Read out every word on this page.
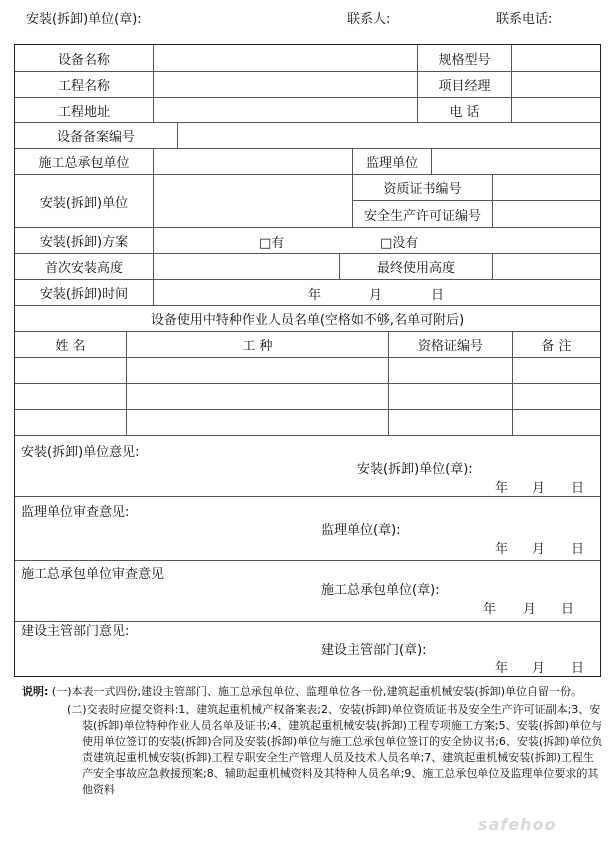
安装(拆卸)单位(章):	联系人:	联系电话:
设备名称	规格型号
工程名称	项目经理
工程地址	电 话
设备备案编号
施工总承包单位	监理单位
安装(拆卸)单位
资质证书编号
安全生产许可证编号
安装(拆卸)方案	□有	□没有
首次安装高度	最终使用高度
安装(拆卸)时间	年	月	日
设备使用中特种作业人员名单(空格如不够,名单可附后)
姓 名	工 种	资格证编号	备 注
安装(拆卸)单位意见:
安装(拆卸)单位(章):
年 月 日
监理单位审查意见:
监理单位(章):
年 月 日
施工总承包单位审查意见
施工总承包单位(章):
年 月 日
建设主管部门意见:
建设主管部门(章):
年 月 日
说明: (一)本表一式四份,建设主管部门、施工总承包单位、监理单位各一份,建筑起重机械安装(拆卸)单位自留一份。
(二)交表时应提交资料:1、建筑起重机械产权备案表;2、安装(拆卸)单位资质证书及安全生产许可证副本;3、安装(拆卸)单位特种作业人员名单及证书;4、建筑起重机械安装(拆卸)工程专项施工方案;5、安装(拆卸)单位与使用单位签订的安装(拆卸)合同及安装(拆卸)单位与施工总承包单位签订的安全协议书;6、安装(拆卸)单位负责建筑起重机械安装(拆卸)工程专职安全生产管理人员及技术人员名单;7、建筑起重机械安装(拆卸)工程生产安全事故应急救援预案;8、辅助起重机械资料及其特种人员名单;9、施工总承包单位及监理单位要求的其他资料
safehoo
